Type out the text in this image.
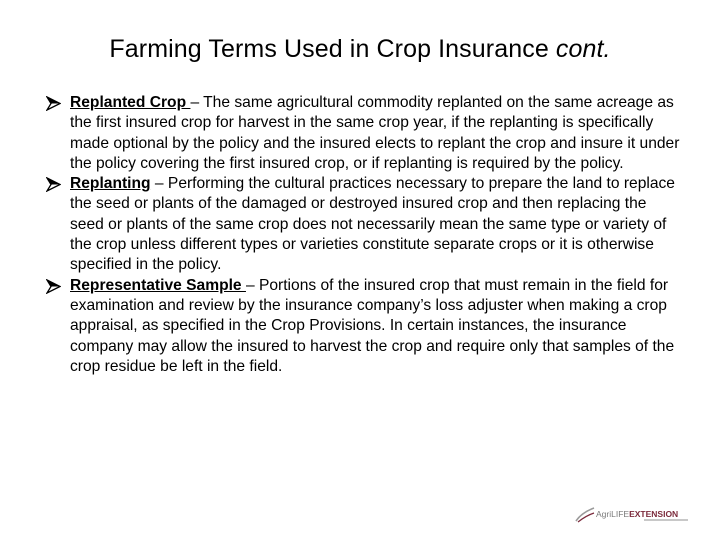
Farming Terms Used in Crop Insurance cont.
Replanted Crop – The same agricultural commodity replanted on the same acreage as the first insured crop for harvest in the same crop year, if the replanting is specifically made optional by the policy and the insured elects to replant the crop and insure it under the policy covering the first insured crop, or if replanting is required by the policy.
Replanting – Performing the cultural practices necessary to prepare the land to replace the seed or plants of the damaged or destroyed insured crop and then replacing the seed or plants of the same crop does not necessarily mean the same type or variety of the crop unless different types or varieties constitute separate crops or it is otherwise specified in the policy.
Representative Sample – Portions of the insured crop that must remain in the field for examination and review by the insurance company’s loss adjuster when making a crop appraisal, as specified in the Crop Provisions. In certain instances, the insurance company may allow the insured to harvest the crop and require only that samples of the crop residue be left in the field.
AgriLIFEEXTENSION
